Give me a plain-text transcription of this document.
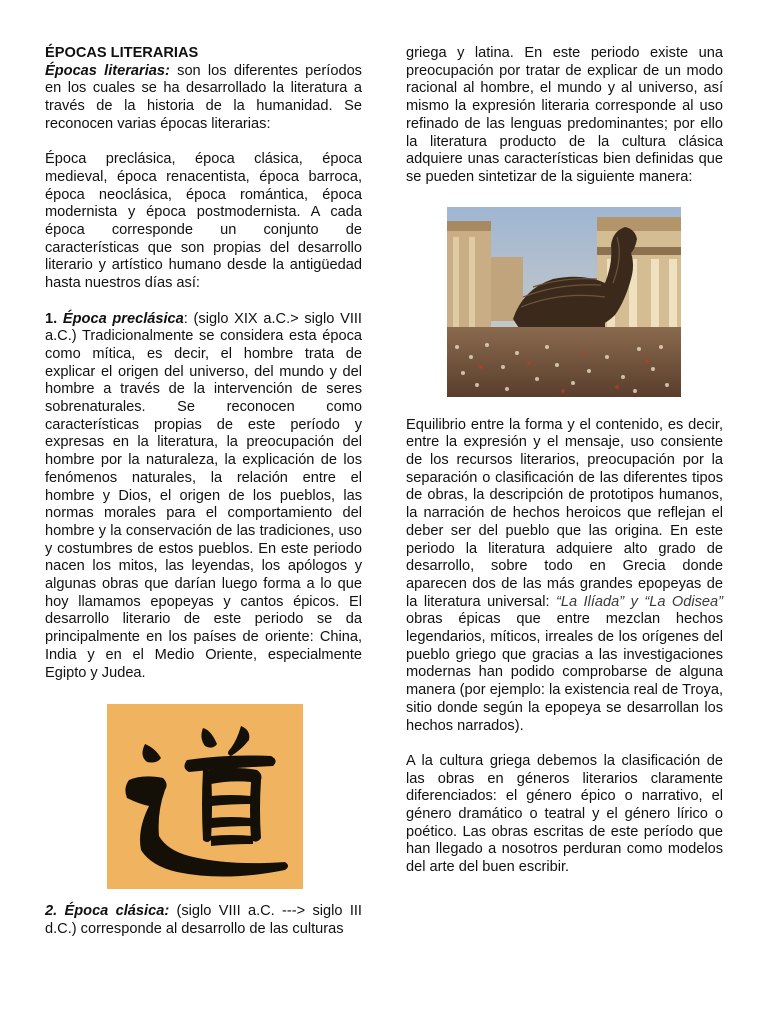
ÉPOCAS LITERARIAS

Épocas literarias: son los diferentes períodos en los cuales se ha desarrollado la literatura a través de la historia de la humanidad. Se reconocen varias épocas literarias:

Época preclásica, época clásica, época medieval, época renacentista, época barroca, época neoclásica, época romántica, época modernista y época postmodernista. A cada época corresponde un conjunto de características que son propias del desarrollo literario y artístico humano desde la antigüedad hasta nuestros días así:

1. Época preclásica: (siglo XIX a.C.> siglo VIII a.C.) Tradicionalmente se considera esta época como mítica, es decir, el hombre trata de explicar el origen del universo, del mundo y del hombre a través de la intervención de seres sobrenaturales. Se reconocen como características propias de este período y expresas en la literatura, la preocupación del hombre por la naturaleza, la explicación de los fenómenos naturales, la relación entre el hombre y Dios, el origen de los pueblos, las normas morales para el comportamiento del hombre y la conservación de las tradiciones, uso y costumbres de estos pueblos. En este periodo nacen los mitos, las leyendas, los apólogos y algunas obras que darían luego forma a lo que hoy llamamos epopeyas y cantos épicos. El desarrollo literario de este periodo se da principalmente en los países de oriente: China, India y en el Medio Oriente, especialmente Egipto y Judea.

2. Época clásica: (siglo VIII a.C. ---> siglo III d.C.) corresponde al desarrollo de las culturas

griega y latina. En este periodo existe una preocupación por tratar de explicar de un modo racional al hombre, el mundo y al universo, así mismo la expresión literaria corresponde al uso refinado de las lenguas predominantes; por ello la literatura producto de la cultura clásica adquiere unas características bien definidas que se pueden sintetizar de la siguiente manera:

Equilibrio entre la forma y el contenido, es decir, entre la expresión y el mensaje, uso consiente de los recursos literarios, preocupación por la separación o clasificación de las diferentes tipos de obras, la descripción de prototipos humanos, la narración de hechos heroicos que reflejan el deber ser del pueblo que las origina. En este periodo la literatura adquiere alto grado de desarrollo, sobre todo en Grecia donde aparecen dos de las más grandes epopeyas de la literatura universal: “La Ilíada” y “La Odisea” obras épicas que entre mezclan hechos legendarios, míticos, irreales de los orígenes del pueblo griego que gracias a las investigaciones modernas han podido comprobarse de alguna manera (por ejemplo: la existencia real de Troya, sitio donde según la epopeya se desarrollan los hechos narrados).

A la cultura griega debemos la clasificación de las obras en géneros literarios claramente diferenciados: el género épico o narrativo, el género dramático o teatral y el género lírico o poético. Las obras escritas de este período que han llegado a nosotros perduran como modelos del arte del buen escribir.
